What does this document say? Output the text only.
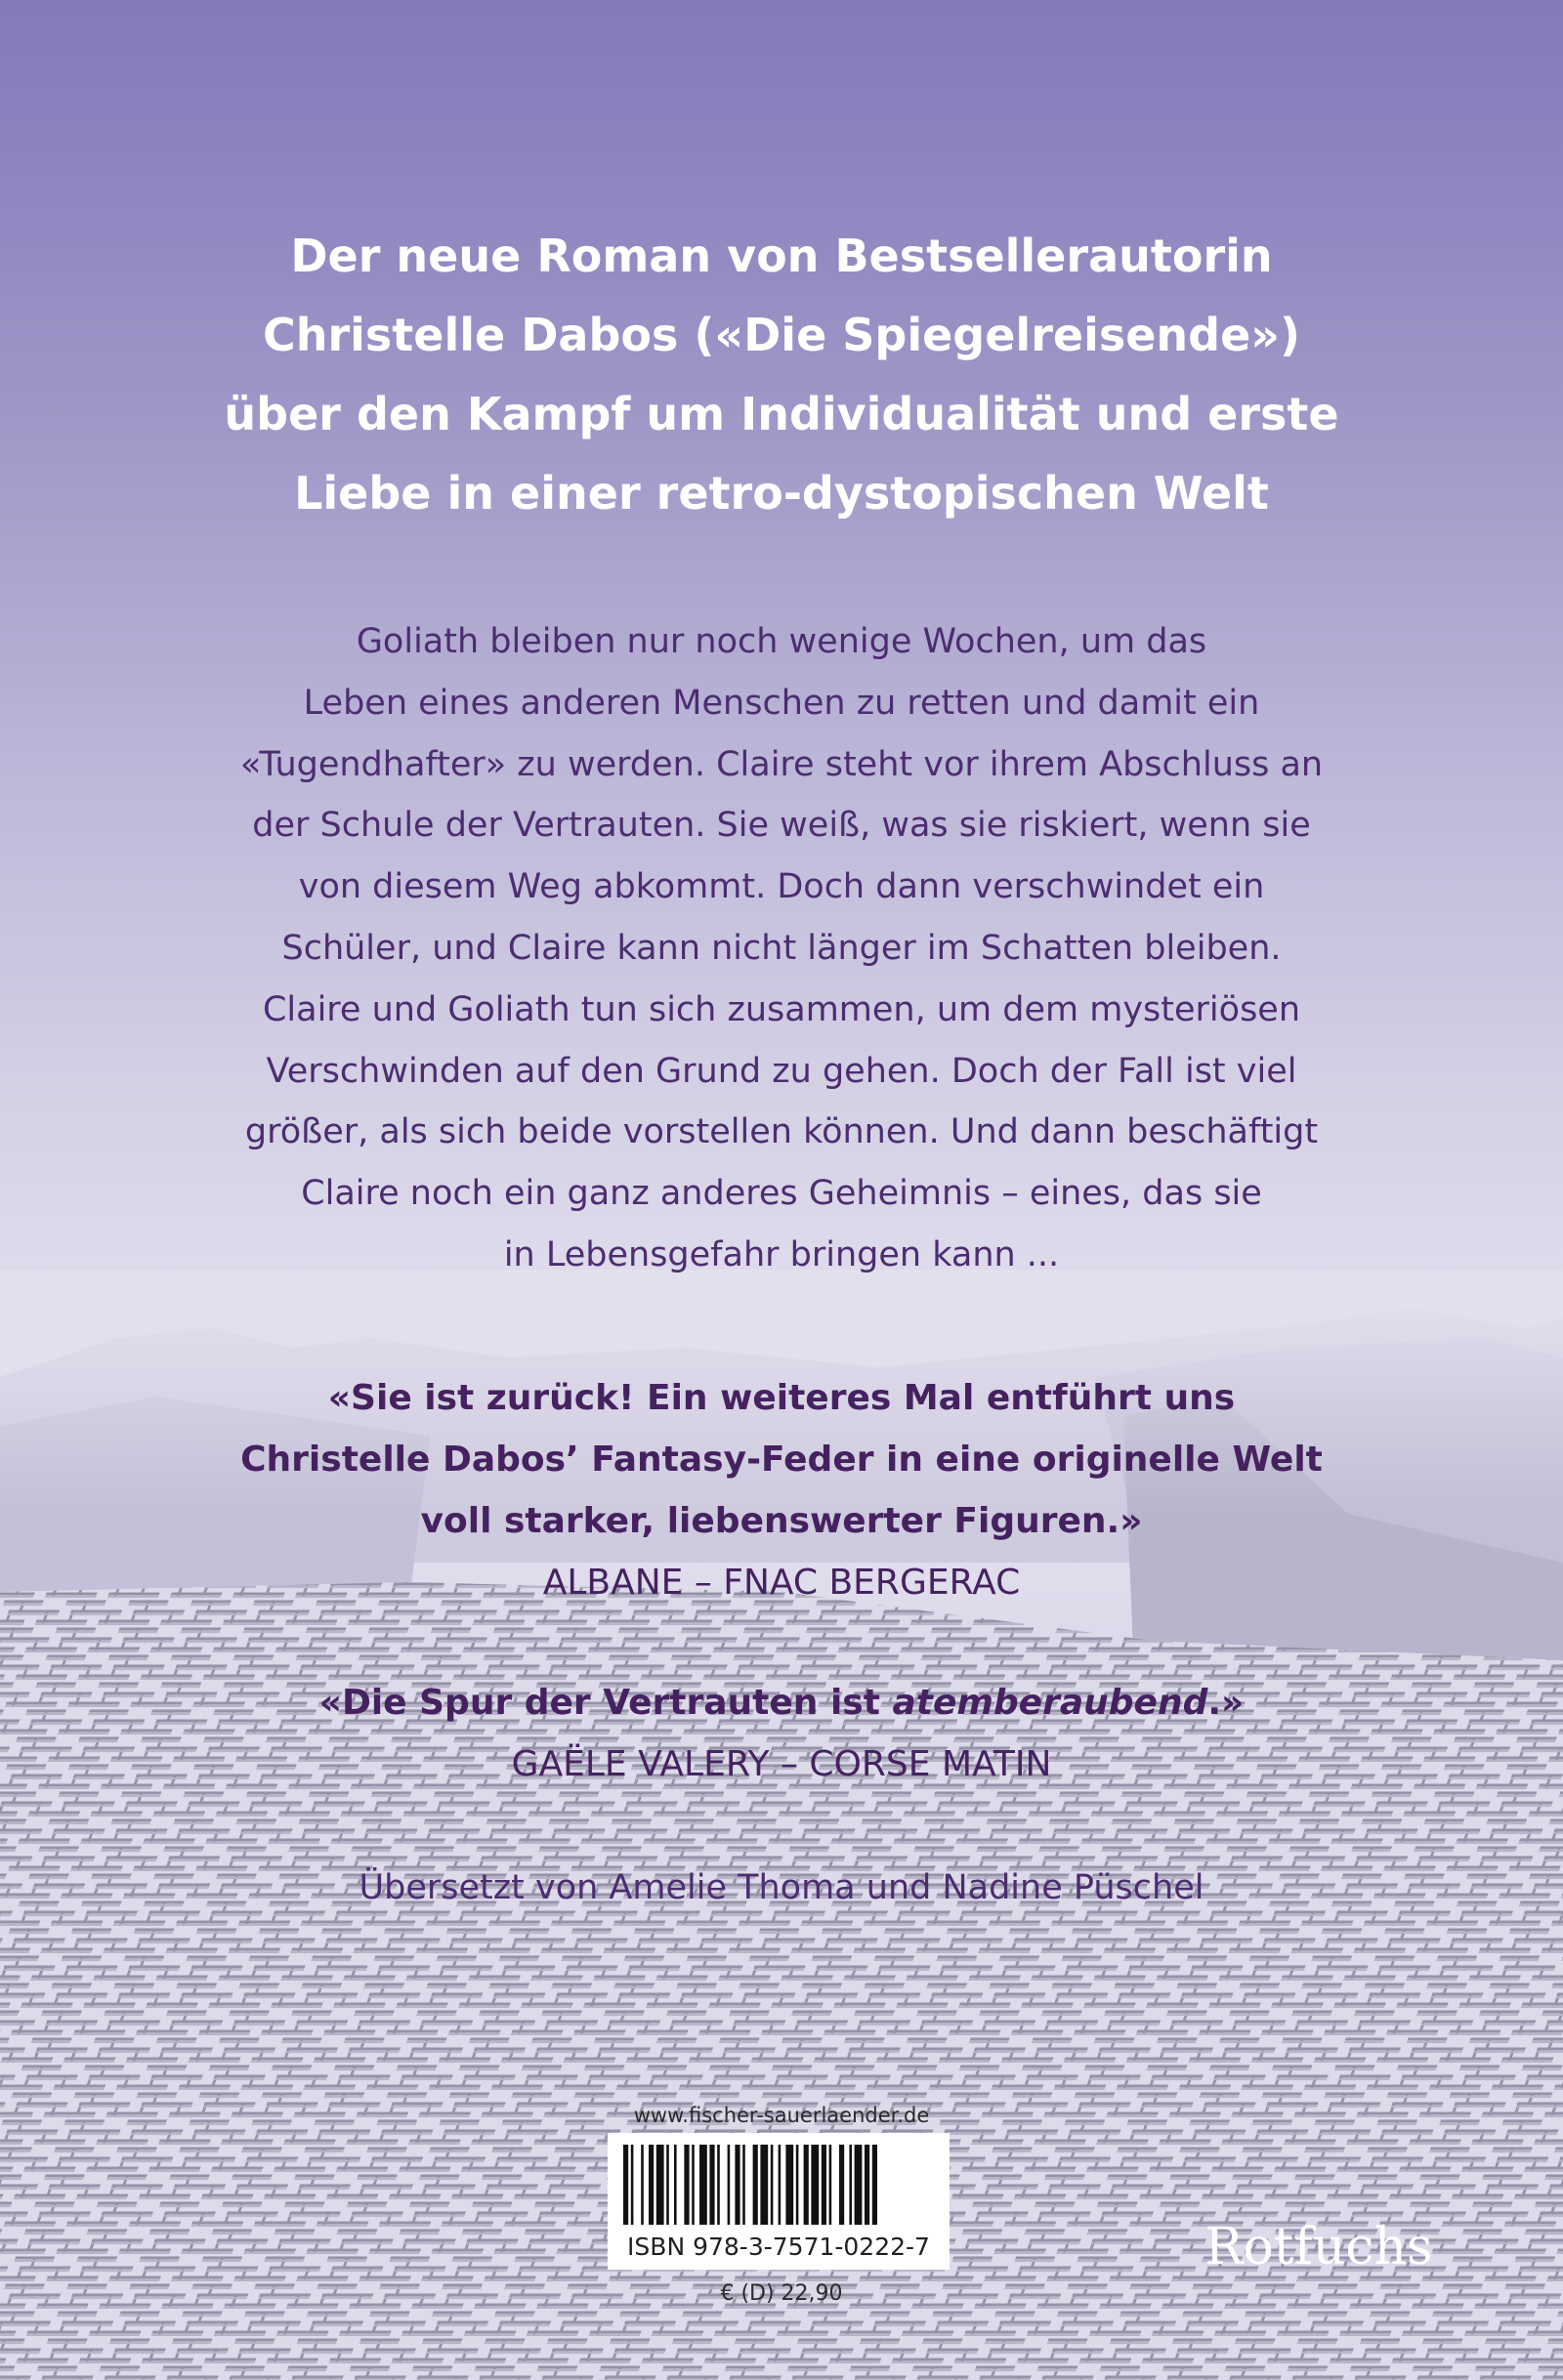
Der neue Roman von Bestsellerautorin
Christelle Dabos («Die Spiegelreisende»)
über den Kampf um Individualität und erste
Liebe in einer retro-dystopischen Welt
Goliath bleiben nur noch wenige Wochen, um das
Leben eines anderen Menschen zu retten und damit ein
«Tugendhafter» zu werden. Claire steht vor ihrem Abschluss an
der Schule der Vertrauten. Sie weiß, was sie riskiert, wenn sie
von diesem Weg abkommt. Doch dann verschwindet ein
Schüler, und Claire kann nicht länger im Schatten bleiben.
Claire und Goliath tun sich zusammen, um dem mysteriösen
Verschwinden auf den Grund zu gehen. Doch der Fall ist viel
größer, als sich beide vorstellen können. Und dann beschäftigt
Claire noch ein ganz anderes Geheimnis – eines, das sie
in Lebensgefahr bringen kann ...
«Sie ist zurück! Ein weiteres Mal entführt uns
Christelle Dabos’ Fantasy-Feder in eine originelle Welt
voll starker, liebenswerter Figuren.»
ALBANE – FNAC BERGERAC
«Die Spur der Vertrauten ist atemberaubend.»
GAËLE VALERY – CORSE MATIN
Übersetzt von Amelie Thoma und Nadine Püschel
www.fischer-sauerlaender.de
ISBN 978-3-7571-0222-7
€ (D) 22,90
Rotfuchs
